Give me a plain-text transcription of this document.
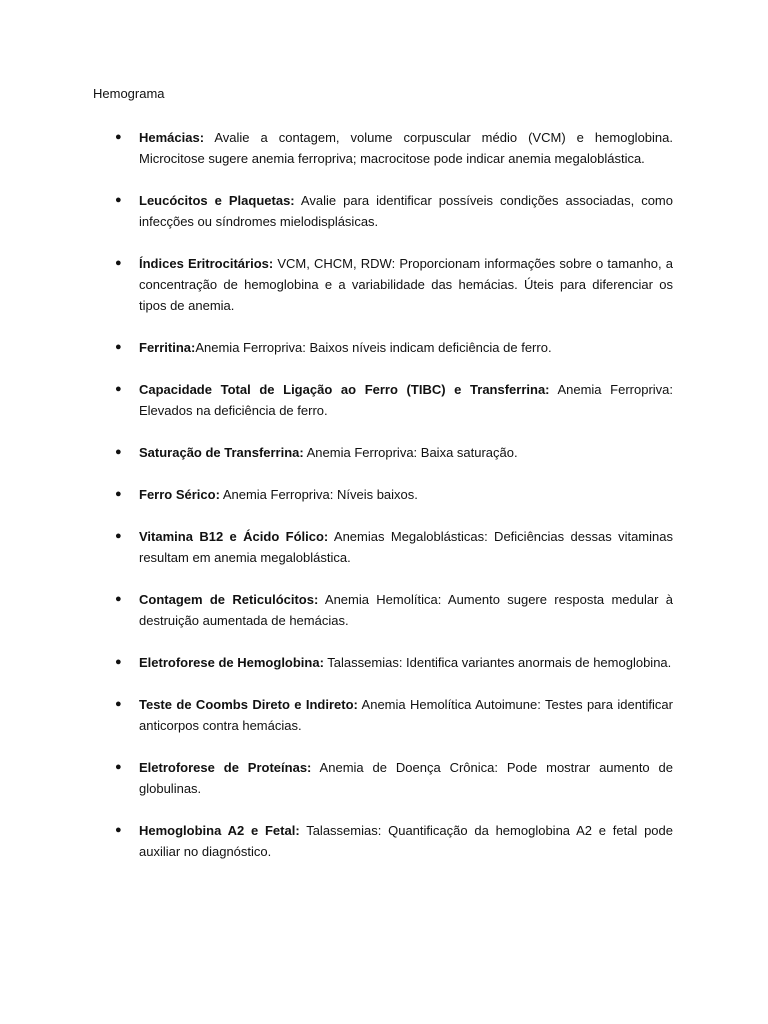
Hemograma
● Hemácias: Avalie a contagem, volume corpuscular médio (VCM) e hemoglobina. Microcitose sugere anemia ferropriva; macrocitose pode indicar anemia megaloblástica.
● Leucócitos e Plaquetas: Avalie para identificar possíveis condições associadas, como infecções ou síndromes mielodisplásicas.
● Índices Eritrocitários: VCM, CHCM, RDW: Proporcionam informações sobre o tamanho, a concentração de hemoglobina e a variabilidade das hemácias. Úteis para diferenciar os tipos de anemia.
● Ferritina:Anemia Ferropriva: Baixos níveis indicam deficiência de ferro.
● Capacidade Total de Ligação ao Ferro (TIBC) e Transferrina: Anemia Ferropriva: Elevados na deficiência de ferro.
● Saturação de Transferrina: Anemia Ferropriva: Baixa saturação.
● Ferro Sérico: Anemia Ferropriva: Níveis baixos.
● Vitamina B12 e Ácido Fólico: Anemias Megaloblásticas: Deficiências dessas vitaminas resultam em anemia megaloblástica.
● Contagem de Reticulócitos: Anemia Hemolítica: Aumento sugere resposta medular à destruição aumentada de hemácias.
● Eletroforese de Hemoglobina: Talassemias: Identifica variantes anormais de hemoglobina.
● Teste de Coombs Direto e Indireto: Anemia Hemolítica Autoimune: Testes para identificar anticorpos contra hemácias.
● Eletroforese de Proteínas: Anemia de Doença Crônica: Pode mostrar aumento de globulinas.
● Hemoglobina A2 e Fetal: Talassemias: Quantificação da hemoglobina A2 e fetal pode auxiliar no diagnóstico.
